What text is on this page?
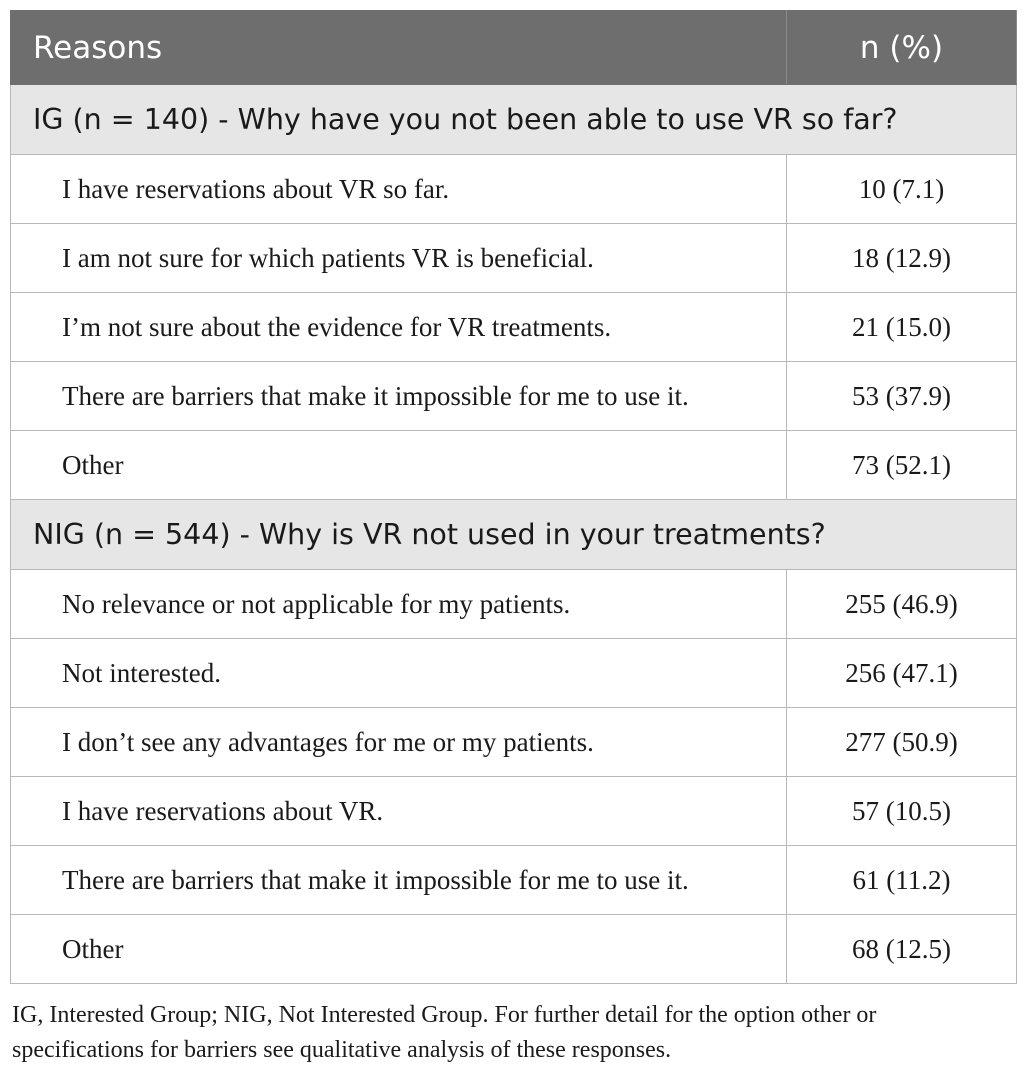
Reasons	n (%)
IG (n = 140) - Why have you not been able to use VR so far?	
I have reservations about VR so far.	10 (7.1)
I am not sure for which patients VR is beneficial.	18 (12.9)
I’m not sure about the evidence for VR treatments.	21 (15.0)
There are barriers that make it impossible for me to use it.	53 (37.9)
Other	73 (52.1)
NIG (n = 544) - Why is VR not used in your treatments?	
No relevance or not applicable for my patients.	255 (46.9)
Not interested.	256 (47.1)
I don’t see any advantages for me or my patients.	277 (50.9)
I have reservations about VR.	57 (10.5)
There are barriers that make it impossible for me to use it.	61 (11.2)
Other	68 (12.5)
IG, Interested Group; NIG, Not Interested Group. For further detail for the option other or
specifications for barriers see qualitative analysis of these responses.
